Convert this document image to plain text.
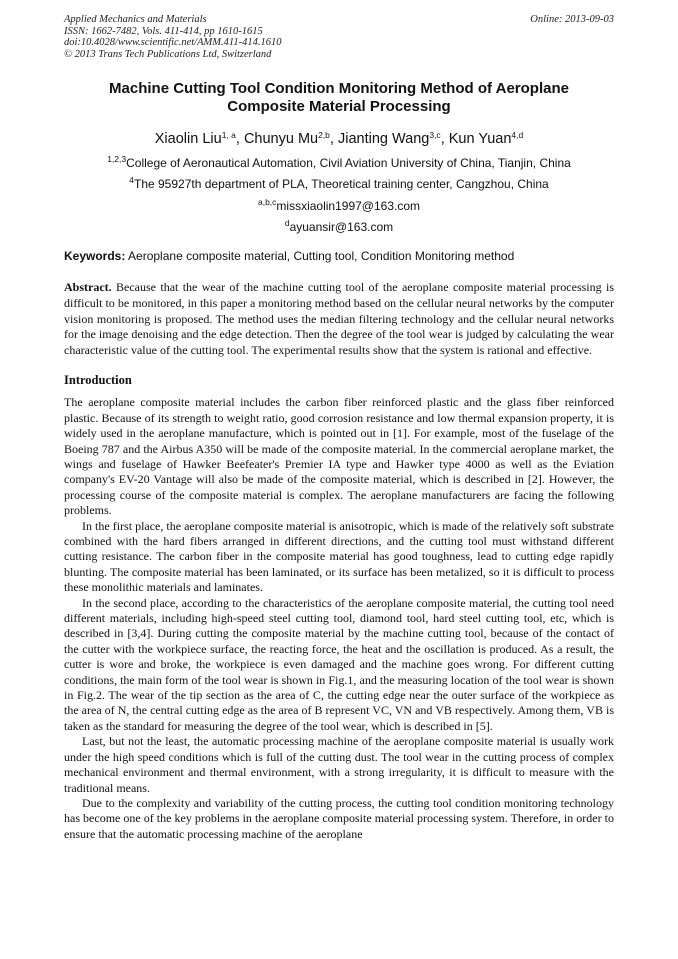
Applied Mechanics and Materials	Online: 2013-09-03
ISSN: 1662-7482, Vols. 411-414, pp 1610-1615
doi:10.4028/www.scientific.net/AMM.411-414.1610
© 2013 Trans Tech Publications Ltd, Switzerland
Machine Cutting Tool Condition Monitoring Method of Aeroplane
Composite Material Processing
Xiaolin Liu$^{1, a}$, Chunyu Mu$^{2,b}$, Jianting Wang$^{3,c}$, Kun Yuan$^{4,d}$
$^{1,2,3}$College of Aeronautical Automation, Civil Aviation University of China, Tianjin, China
$^4$The 95927th department of PLA, Theoretical training center, Cangzhou, China
$^{a,b,c}$missxiaolin1997@163.com
$^d$ayuansir@163.com
Keywords: Aeroplane composite material, Cutting tool, Condition Monitoring method
Abstract. Because that the wear of the machine cutting tool of the aeroplane composite material processing is difficult to be monitored, in this paper a monitoring method based on the cellular neural networks by the computer vision monitoring is proposed. The method uses the median filtering technology and the cellular neural networks for the image denoising and the edge detection. Then the degree of the tool wear is judged by calculating the wear characteristic value of the cutting tool. The experimental results show that the system is rational and effective.
Introduction

The aeroplane composite material includes the carbon fiber reinforced plastic and the glass fiber reinforced plastic. Because of its strength to weight ratio, good corrosion resistance and low thermal expansion property, it is widely used in the aeroplane manufacture, which is pointed out in [1]. For example, most of the fuselage of the Boeing 787 and the Airbus A350 will be made of the composite material. In the commercial aeroplane market, the wings and fuselage of Hawker Beefeater's Premier IA type and Hawker type 4000 as well as the Eviation company's EV-20 Vantage will also be made of the composite material, which is described in [2]. However, the processing course of the composite material is complex. The aeroplane manufacturers are facing the following problems.

In the first place, the aeroplane composite material is anisotropic, which is made of the relatively soft substrate combined with the hard fibers arranged in different directions, and the cutting tool must withstand different cutting resistance. The carbon fiber in the composite material has good toughness, lead to cutting edge rapidly blunting. The composite material has been laminated, or its surface has been metalized, so it is difficult to process these monolithic materials and laminates.

In the second place, according to the characteristics of the aeroplane composite material, the cutting tool need different materials, including high-speed steel cutting tool, diamond tool, hard steel cutting tool, etc, which is described in [3,4]. During cutting the composite material by the machine cutting tool, because of the contact of the cutter with the workpiece surface, the reacting force, the heat and the oscillation is produced. As a result, the cutter is wore and broke, the workpiece is even damaged and the machine goes wrong. For different cutting conditions, the main form of the tool wear is shown in Fig.1, and the measuring location of the tool wear is shown in Fig.2. The wear of the tip section as the area of C, the cutting edge near the outer surface of the workpiece as the area of N, the central cutting edge as the area of B represent VC, VN and VB respectively. Among them, VB is taken as the standard for measuring the degree of the tool wear, which is described in [5].

Last, but not the least, the automatic processing machine of the aeroplane composite material is usually work under the high speed conditions which is full of the cutting dust. The tool wear in the cutting process of complex mechanical environment and thermal environment, with a strong irregularity, it is difficult to measure with the traditional means.

Due to the complexity and variability of the cutting process, the cutting tool condition monitoring technology has become one of the key problems in the aeroplane composite material processing system. Therefore, in order to ensure that the automatic processing machine of the aeroplane
